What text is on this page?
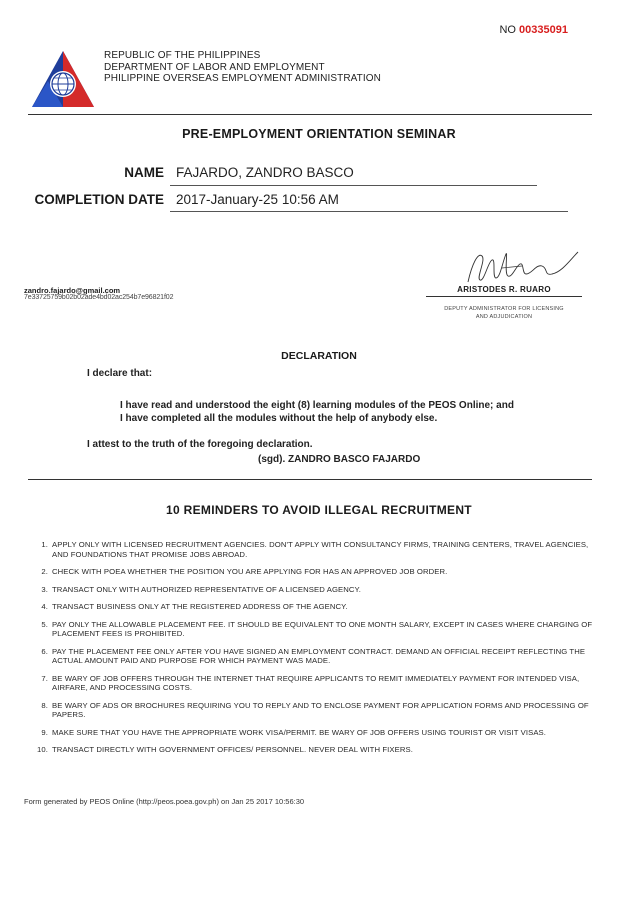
NO 00335091
REPUBLIC OF THE PHILIPPINES
DEPARTMENT OF LABOR AND EMPLOYMENT
PHILIPPINE OVERSEAS EMPLOYMENT ADMINISTRATION
PRE-EMPLOYMENT ORIENTATION SEMINAR
NAME FAJARDO, ZANDRO BASCO
COMPLETION DATE 2017-January-25 10:56 AM
zandro.fajardo@gmail.com
7e33725759b02b02ade4bd02ac254b7e96821f02
ARISTODES R. RUARO
DEPUTY ADMINISTRATOR FOR LICENSING
AND ADJUDICATION
DECLARATION
I declare that:
I have read and understood the eight (8) learning modules of the PEOS Online; and
I have completed all the modules without the help of anybody else.
I attest to the truth of the foregoing declaration.
(sgd). ZANDRO BASCO FAJARDO
10 REMINDERS TO AVOID ILLEGAL RECRUITMENT
1. APPLY ONLY WITH LICENSED RECRUITMENT AGENCIES. DON'T APPLY WITH CONSULTANCY FIRMS, TRAINING CENTERS, TRAVEL AGENCIES, AND FOUNDATIONS THAT PROMISE JOBS ABROAD.
2. CHECK WITH POEA WHETHER THE POSITION YOU ARE APPLYING FOR HAS AN APPROVED JOB ORDER.
3. TRANSACT ONLY WITH AUTHORIZED REPRESENTATIVE OF A LICENSED AGENCY.
4. TRANSACT BUSINESS ONLY AT THE REGISTERED ADDRESS OF THE AGENCY.
5. PAY ONLY THE ALLOWABLE PLACEMENT FEE. IT SHOULD BE EQUIVALENT TO ONE MONTH SALARY, EXCEPT IN CASES WHERE CHARGING OF PLACEMENT FEES IS PROHIBITED.
6. PAY THE PLACEMENT FEE ONLY AFTER YOU HAVE SIGNED AN EMPLOYMENT CONTRACT. DEMAND AN OFFICIAL RECEIPT REFLECTING THE ACTUAL AMOUNT PAID AND PURPOSE FOR WHICH PAYMENT WAS MADE.
7. BE WARY OF JOB OFFERS THROUGH THE INTERNET THAT REQUIRE APPLICANTS TO REMIT IMMEDIATELY PAYMENT FOR INTENDED VISA, AIRFARE, AND PROCESSING COSTS.
8. BE WARY OF ADS OR BROCHURES REQUIRING YOU TO REPLY AND TO ENCLOSE PAYMENT FOR APPLICATION FORMS AND PROCESSING OF PAPERS.
9. MAKE SURE THAT YOU HAVE THE APPROPRIATE WORK VISA/PERMIT. BE WARY OF JOB OFFERS USING TOURIST OR VISIT VISAS.
10. TRANSACT DIRECTLY WITH GOVERNMENT OFFICES/ PERSONNEL. NEVER DEAL WITH FIXERS.
Form generated by PEOS Online (http://peos.poea.gov.ph) on Jan 25 2017 10:56:30
